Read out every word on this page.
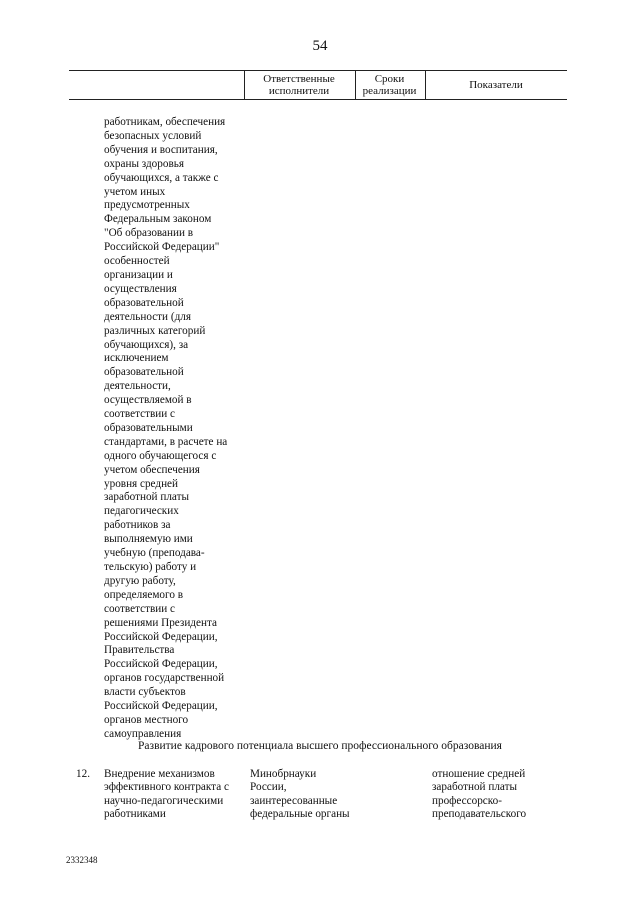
54
Ответственные
исполнители
Сроки
реализации	Показатели
работникам, обеспечения
безопасных условий
обучения и воспитания,
охраны здоровья
обучающихся, а также с
учетом иных
предусмотренных
Федеральным законом
"Об образовании в
Российской Федерации"
особенностей
организации и
осуществления
образовательной
деятельности (для
различных категорий
обучающихся), за
исключением
образовательной
деятельности,
осуществляемой в
соответствии с
образовательными
стандартами, в расчете на
одного обучающегося с
учетом обеспечения
уровня средней
заработной платы
педагогических
работников за
выполняемую ими
учебную (преподава-
тельскую) работу и
другую работу,
определяемого в
соответствии с
решениями Президента
Российской Федерации,
Правительства
Российской Федерации,
органов государственной
власти субъектов
Российской Федерации,
органов местного
самоуправления
Развитие кадрового потенциала высшего профессионального образования
12. Внедрение механизмов
эффективного контракта с
научно-педагогическими
работниками
Минобрнауки
России,
заинтересованные
федеральные органы
отношение средней
заработной платы
профессорско-
преподавательского
2332348
